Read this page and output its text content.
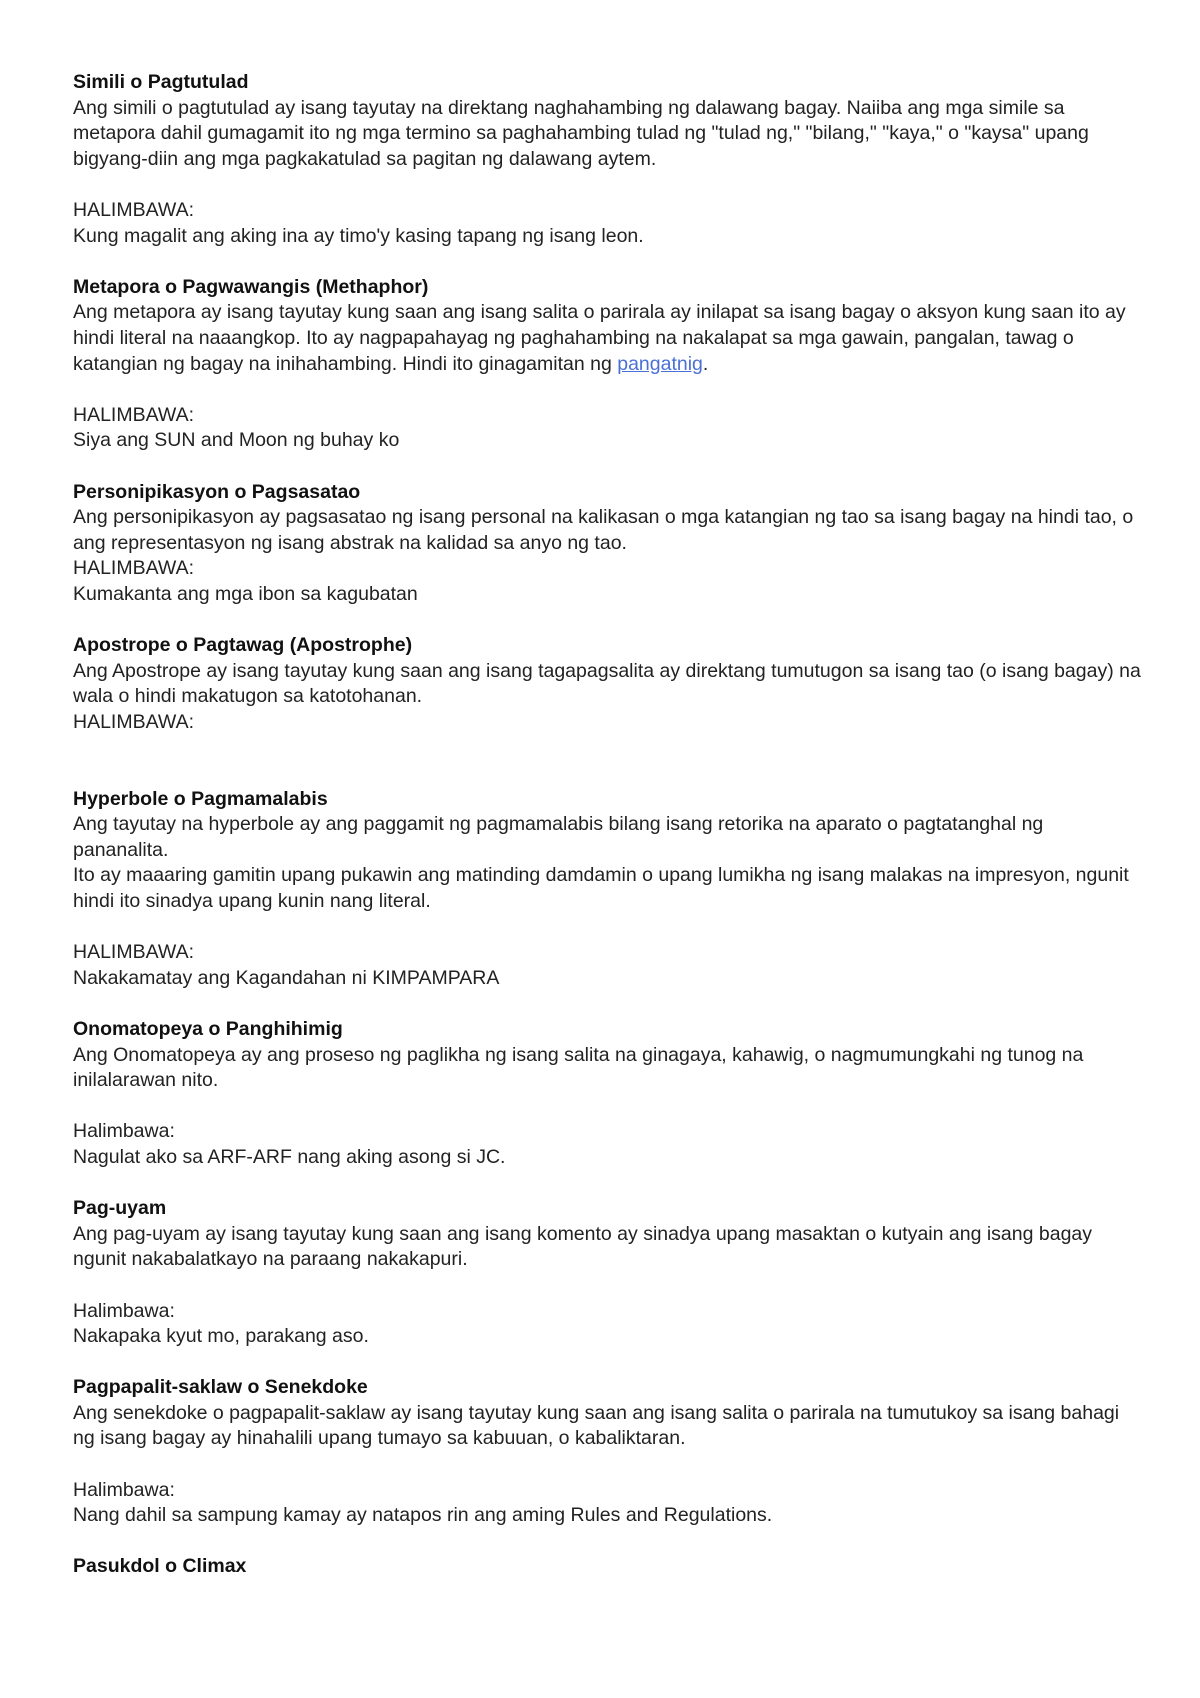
Simili o Pagtutulad
Ang simili o pagtutulad ay isang tayutay na direktang naghahambing ng dalawang bagay. Naiiba ang mga simile sa metapora dahil gumagamit ito ng mga termino sa paghahambing tulad ng "tulad ng," "bilang," "kaya," o "kaysa" upang bigyang-diin ang mga pagkakatulad sa pagitan ng dalawang aytem.
HALIMBAWA:
Kung magalit ang aking ina ay timo'y kasing tapang ng isang leon.
Metapora o Pagwawangis (Methaphor)
Ang metapora ay isang tayutay kung saan ang isang salita o parirala ay inilapat sa isang bagay o aksyon kung saan ito ay hindi literal na naaangkop. Ito ay nagpapahayag ng paghahambing na nakalapat sa mga gawain, pangalan, tawag o katangian ng bagay na inihahambing. Hindi ito ginagamitan ng pangatnig.
HALIMBAWA:
Siya ang SUN and Moon ng buhay ko
Personipikasyon o Pagsasatao
Ang personipikasyon ay pagsasatao ng isang personal na kalikasan o mga katangian ng tao sa isang bagay na hindi tao, o ang representasyon ng isang abstrak na kalidad sa anyo ng tao.
HALIMBAWA:
Kumakanta ang mga ibon sa kagubatan
Apostrope o Pagtawag (Apostrophe)
Ang Apostrope ay isang tayutay kung saan ang isang tagapagsalita ay direktang tumutugon sa isang tao (o isang bagay) na wala o hindi makatugon sa katotohanan.
HALIMBAWA:
Hyperbole o Pagmamalabis
Ang tayutay na hyperbole ay ang paggamit ng pagmamalabis bilang isang retorika na aparato o pagtatanghal ng pananalita.
Ito ay maaaring gamitin upang pukawin ang matinding damdamin o upang lumikha ng isang malakas na impresyon, ngunit hindi ito sinadya upang kunin nang literal.
HALIMBAWA:
Nakakamatay ang Kagandahan ni KIMPAMPARA
Onomatopeya o Panghihimig
Ang Onomatopeya ay ang proseso ng paglikha ng isang salita na ginagaya, kahawig, o nagmumungkahi ng tunog na inilalarawan nito.
Halimbawa:
Nagulat ako sa ARF-ARF nang aking asong si JC.
Pag-uyam
Ang pag-uyam ay isang tayutay kung saan ang isang komento ay sinadya upang masaktan o kutyain ang isang bagay ngunit nakabalatkayo na paraang nakakapuri.
Halimbawa:
Nakapaka kyut mo, parakang aso.
Pagpapalit-saklaw o Senekdoke
Ang senekdoke o pagpapalit-saklaw ay isang tayutay kung saan ang isang salita o parirala na tumutukoy sa isang bahagi ng isang bagay ay hinahalili upang tumayo sa kabuuan, o kabaliktaran.
Halimbawa:
Nang dahil sa sampung kamay ay natapos rin ang aming Rules and Regulations.
Pasukdol o Climax
